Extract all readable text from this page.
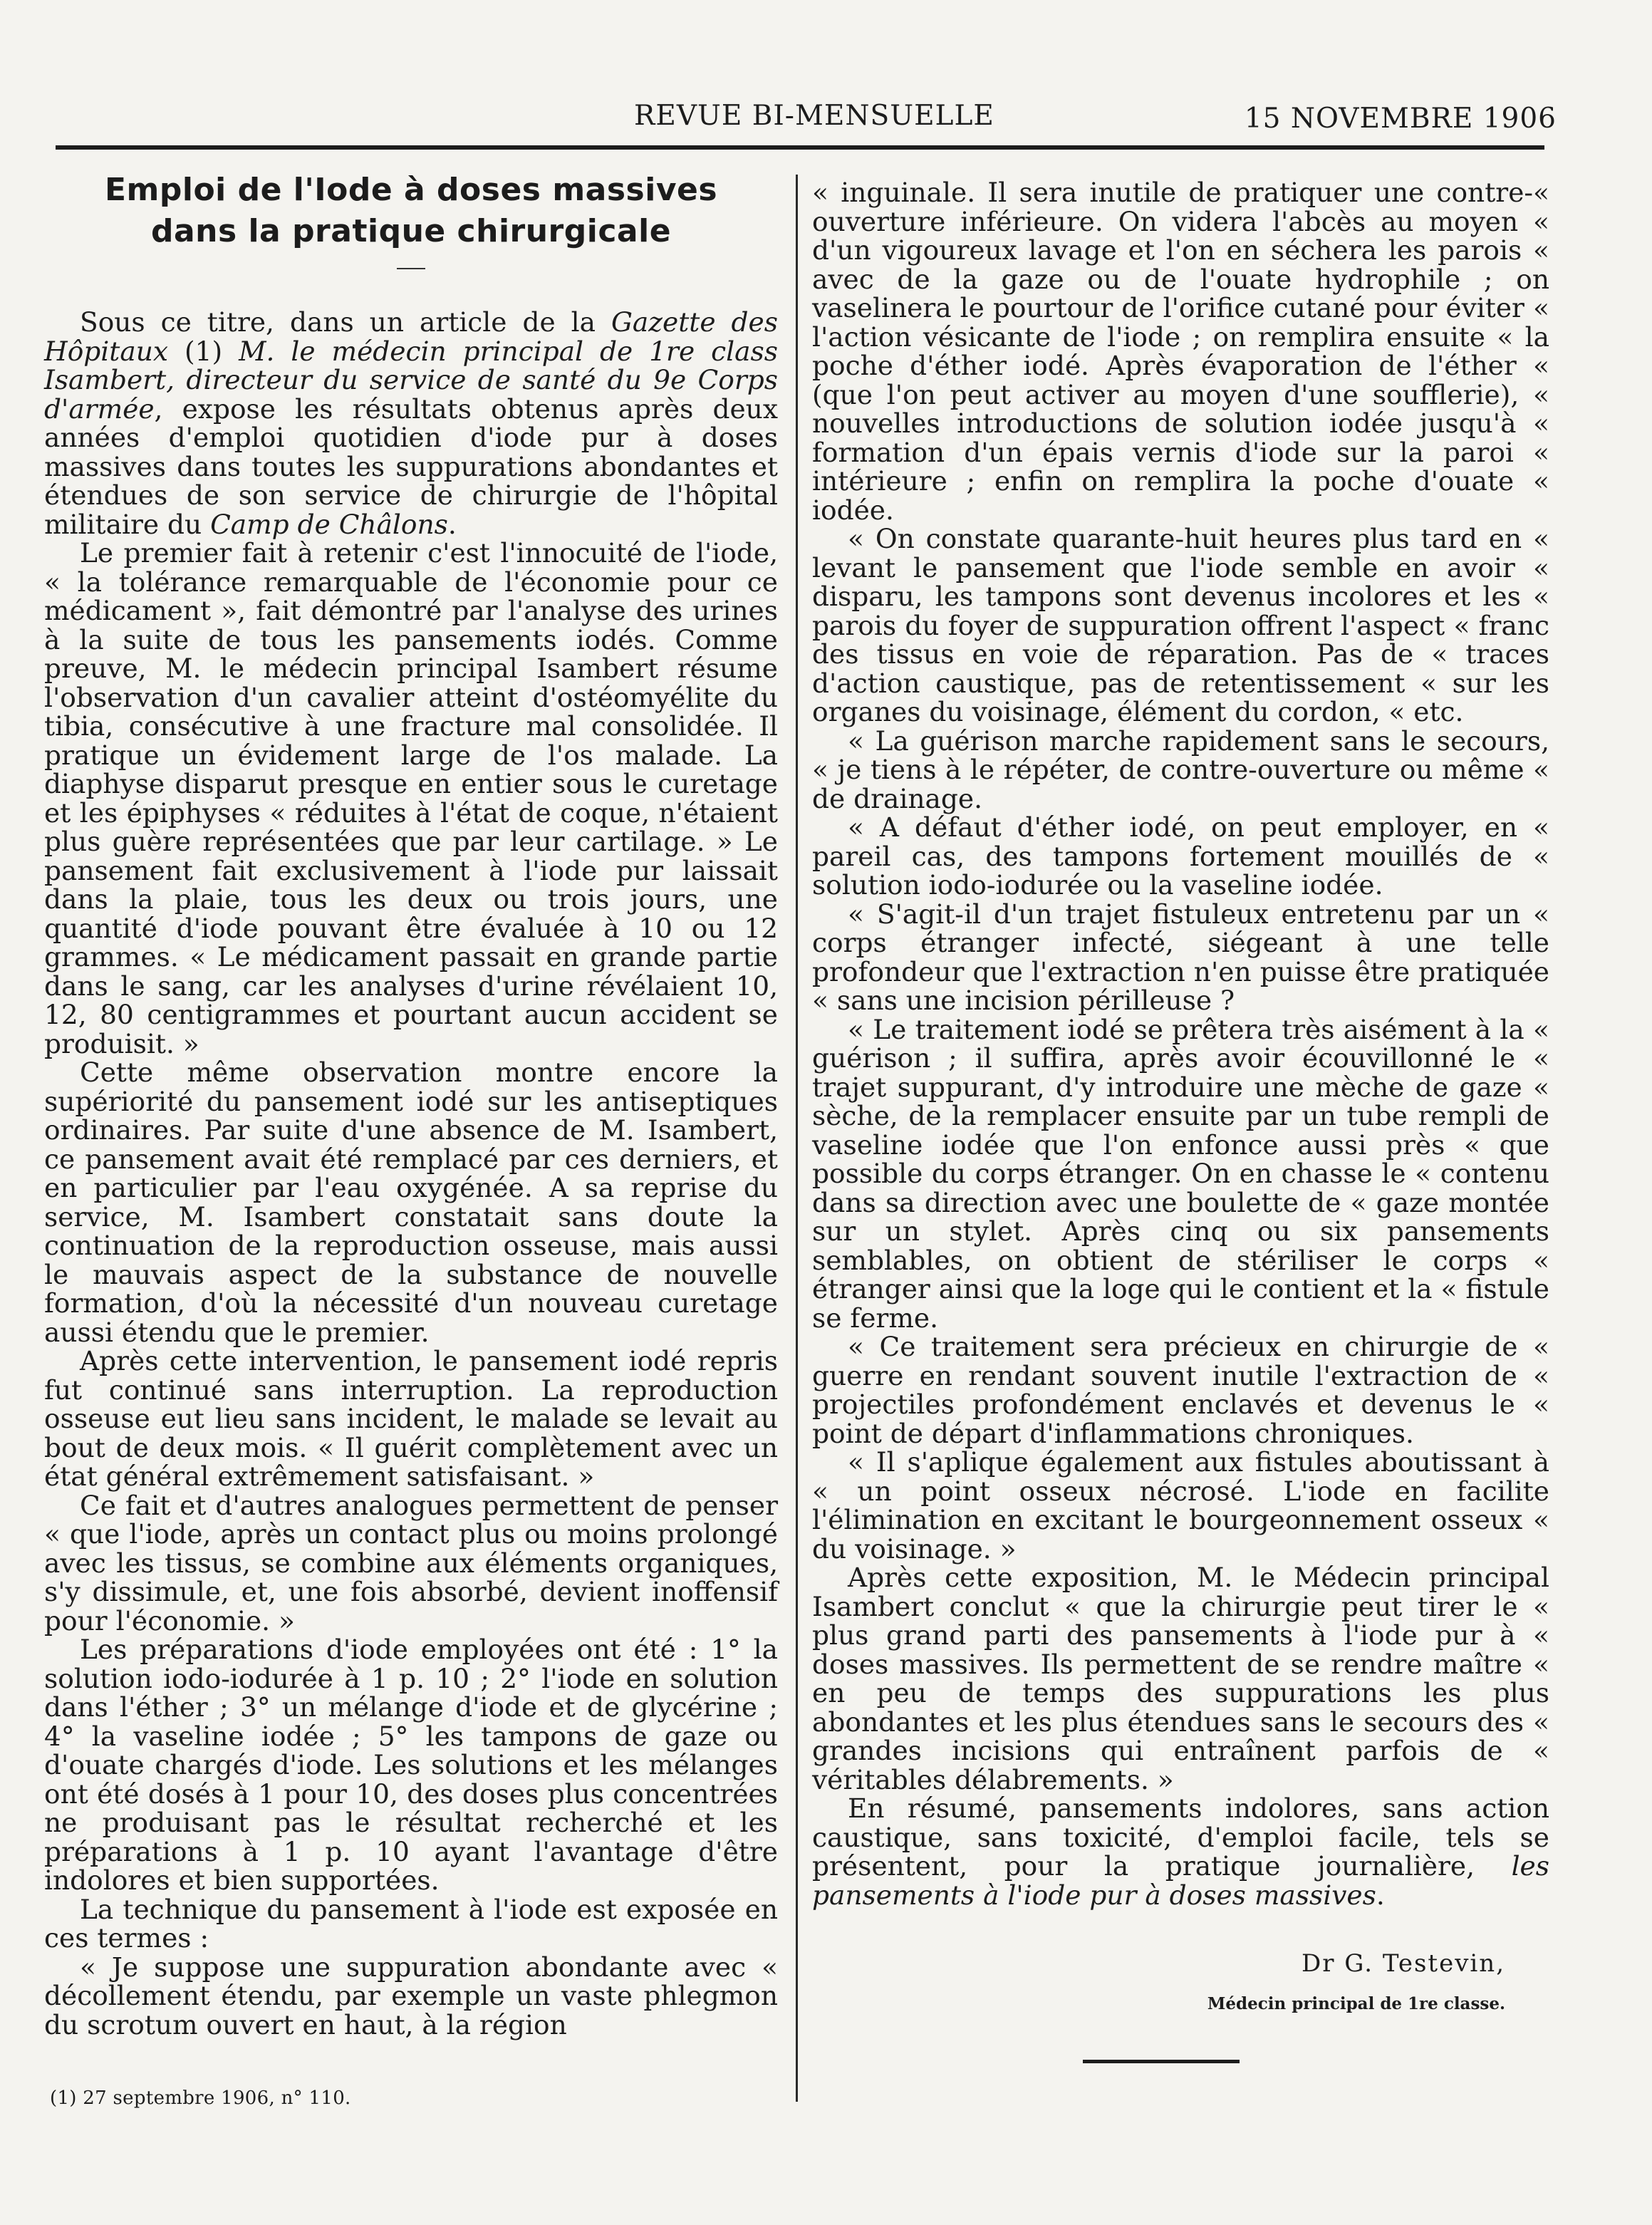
REVUE BI-MENSUELLE	15 NOVEMBRE 1906
Emploi de l'Iode à doses massives
dans la pratique chirurgicale

Sous ce titre, dans un article de la Gazette des Hôpitaux (1) M. le médecin principal de 1re class Isambert, directeur du service de santé du 9e Corps d'armée, expose les résultats obtenus après deux années d'emploi quotidien d'iode pur à doses massives dans toutes les suppurations abondantes et étendues de son service de chirurgie de l'hôpital militaire du Camp de Châlons.

Le premier fait à retenir c'est l'innocuité de l'iode, « la tolérance remarquable de l'économie pour ce médicament », fait démontré par l'analyse des urines à la suite de tous les pansements iodés. Comme preuve, M. le médecin principal Isambert résume l'observation d'un cavalier atteint d'ostéomyélite du tibia, consécutive à une fracture mal consolidée. Il pratique un évidement large de l'os malade. La diaphyse disparut presque en entier sous le curetage et les épiphyses « réduites à l'état de coque, n'étaient plus guère représentées que par leur cartilage. » Le pansement fait exclusivement à l'iode pur laissait dans la plaie, tous les deux ou trois jours, une quantité d'iode pouvant être évaluée à 10 ou 12 grammes. « Le médicament passait en grande partie dans le sang, car les analyses d'urine révélaient 10, 12, 80 centigrammes et pourtant aucun accident se produisit. »

Cette même observation montre encore la supériorité du pansement iodé sur les antiseptiques ordinaires. Par suite d'une absence de M. Isambert, ce pansement avait été remplacé par ces derniers, et en particulier par l'eau oxygénée. A sa reprise du service, M. Isambert constatait sans doute la continuation de la reproduction osseuse, mais aussi le mauvais aspect de la substance de nouvelle formation, d'où la nécessité d'un nouveau curetage aussi étendu que le premier.

Après cette intervention, le pansement iodé repris fut continué sans interruption. La reproduction osseuse eut lieu sans incident, le malade se levait au bout de deux mois. « Il guérit complètement avec un état général extrêmement satisfaisant. »

Ce fait et d'autres analogues permettent de penser « que l'iode, après un contact plus ou moins prolongé avec les tissus, se combine aux éléments organiques, s'y dissimule, et, une fois absorbé, devient inoffensif pour l'économie. »

Les préparations d'iode employées ont été : 1° la solution iodo-iodurée à 1 p. 10 ; 2° l'iode en solution dans l'éther ; 3° un mélange d'iode et de glycérine ; 4° la vaseline iodée ; 5° les tampons de gaze ou d'ouate chargés d'iode. Les solutions et les mélanges ont été dosés à 1 pour 10, des doses plus concentrées ne produisant pas le résultat recherché et les préparations à 1 p. 10 ayant l'avantage d'être indolores et bien supportées.

La technique du pansement à l'iode est exposée en ces termes :

« Je suppose une suppuration abondante avec « décollement étendu, par exemple un vaste phlegmon du scrotum ouvert en haut, à la région

« inguinale. Il sera inutile de pratiquer une contre-« ouverture inférieure. On videra l'abcès au moyen « d'un vigoureux lavage et l'on en séchera les parois « avec de la gaze ou de l'ouate hydrophile ; on vaselinera le pourtour de l'orifice cutané pour éviter « l'action vésicante de l'iode ; on remplira ensuite « la poche d'éther iodé. Après évaporation de l'éther « (que l'on peut activer au moyen d'une soufflerie), « nouvelles introductions de solution iodée jusqu'à « formation d'un épais vernis d'iode sur la paroi « intérieure ; enfin on remplira la poche d'ouate « iodée.

« On constate quarante-huit heures plus tard en « levant le pansement que l'iode semble en avoir « disparu, les tampons sont devenus incolores et les « parois du foyer de suppuration offrent l'aspect « franc des tissus en voie de réparation. Pas de « traces d'action caustique, pas de retentissement « sur les organes du voisinage, élément du cordon, « etc.

« La guérison marche rapidement sans le secours, « je tiens à le répéter, de contre-ouverture ou même « de drainage.

« A défaut d'éther iodé, on peut employer, en « pareil cas, des tampons fortement mouillés de « solution iodo-iodurée ou la vaseline iodée.

« S'agit-il d'un trajet fistuleux entretenu par un « corps étranger infecté, siégeant à une telle profondeur que l'extraction n'en puisse être pratiquée « sans une incision périlleuse ?

« Le traitement iodé se prêtera très aisément à la « guérison ; il suffira, après avoir écouvillonné le « trajet suppurant, d'y introduire une mèche de gaze « sèche, de la remplacer ensuite par un tube rempli de vaseline iodée que l'on enfonce aussi près « que possible du corps étranger. On en chasse le « contenu dans sa direction avec une boulette de « gaze montée sur un stylet. Après cinq ou six pansements semblables, on obtient de stériliser le corps « étranger ainsi que la loge qui le contient et la « fistule se ferme.

« Ce traitement sera précieux en chirurgie de « guerre en rendant souvent inutile l'extraction de « projectiles profondément enclavés et devenus le « point de départ d'inflammations chroniques.

« Il s'aplique également aux fistules aboutissant à « un point osseux nécrosé. L'iode en facilite l'élimination en excitant le bourgeonnement osseux « du voisinage. »

Après cette exposition, M. le Médecin principal Isambert conclut « que la chirurgie peut tirer le « plus grand parti des pansements à l'iode pur à « doses massives. Ils permettent de se rendre maître « en peu de temps des suppurations les plus abondantes et les plus étendues sans le secours des « grandes incisions qui entraînent parfois de « véritables délabrements. »

En résumé, pansements indolores, sans action caustique, sans toxicité, d'emploi facile, tels se présentent, pour la pratique journalière, les pansements à l'iode pur à doses massives.

Dr G. Testevin,
Médecin principal de 1re classe.
(1) 27 septembre 1906, n° 110.
